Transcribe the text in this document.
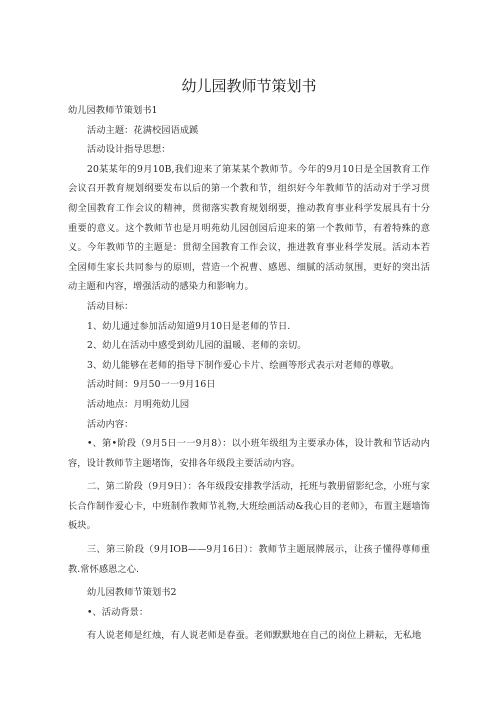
幼儿园教师节策划书

幼儿园教师节策划书1

活动主题：花满校园语成蹊

活动设计指导思想：

20某某年的9月10B,我们迎来了第某某个教师节。今年的9月10日是全国教育工作会议召开教育规划纲要发布以后的第一个教和节，组织好今年教师节的活动对于学习贯彻全国教育工作会议的精神，贯彻落实教育规划纲要，推动教育事业科学发展具有十分重要的意义。这个教师节也是月明苑幼儿园创园后迎来的第一个教师节，有着特殊的意义。今年教师节的主题是：贯彻全国教育工作会议，推进教育事业科学发展。活动本若全园师生家长共同参与的原则，营造一个祝曹、感恩、细腻的活动氛围，更好的突出活动主题和内容，增强活动的感染力和影响力。

活动目标：

1、幼儿通过参加活动知道9月10日是老师的节日.

2、幼儿在活动中感受到幼儿园的温暖、老师的亲切。

3、幼儿能够在老师的指导下制作爱心卡片、绘画等形式表示对老师的尊敬。

活动时间：9月50一一9月16日

活动地点：月明苑幼儿园

活动内容：

•、第•阶段（9月5日一一9月8）：以小班年级组为主要承办体，设计教和节话动内容，设计教师节主题堵饰，安排各年级段主要活动内容。

二、第二阶段（9月9日）：各年级段安排教学活动，托班与教册留影纪念，小班与家长合作制作爱心卡，中班制作教师节礼物,大班绘画活动&我心目的老师》，布置主题墙饰板块。

三、第三阶段（9月IOB——9月16日）：教师节主题展牌展示，让孩子懂得尊师重教.常怀感恩之心.

幼儿园教师节策划书2

•、活动背景：

有人说老师是红烛，有人说老师是春蚕。老师默默地在自己的岗位上耕耘，无私地
